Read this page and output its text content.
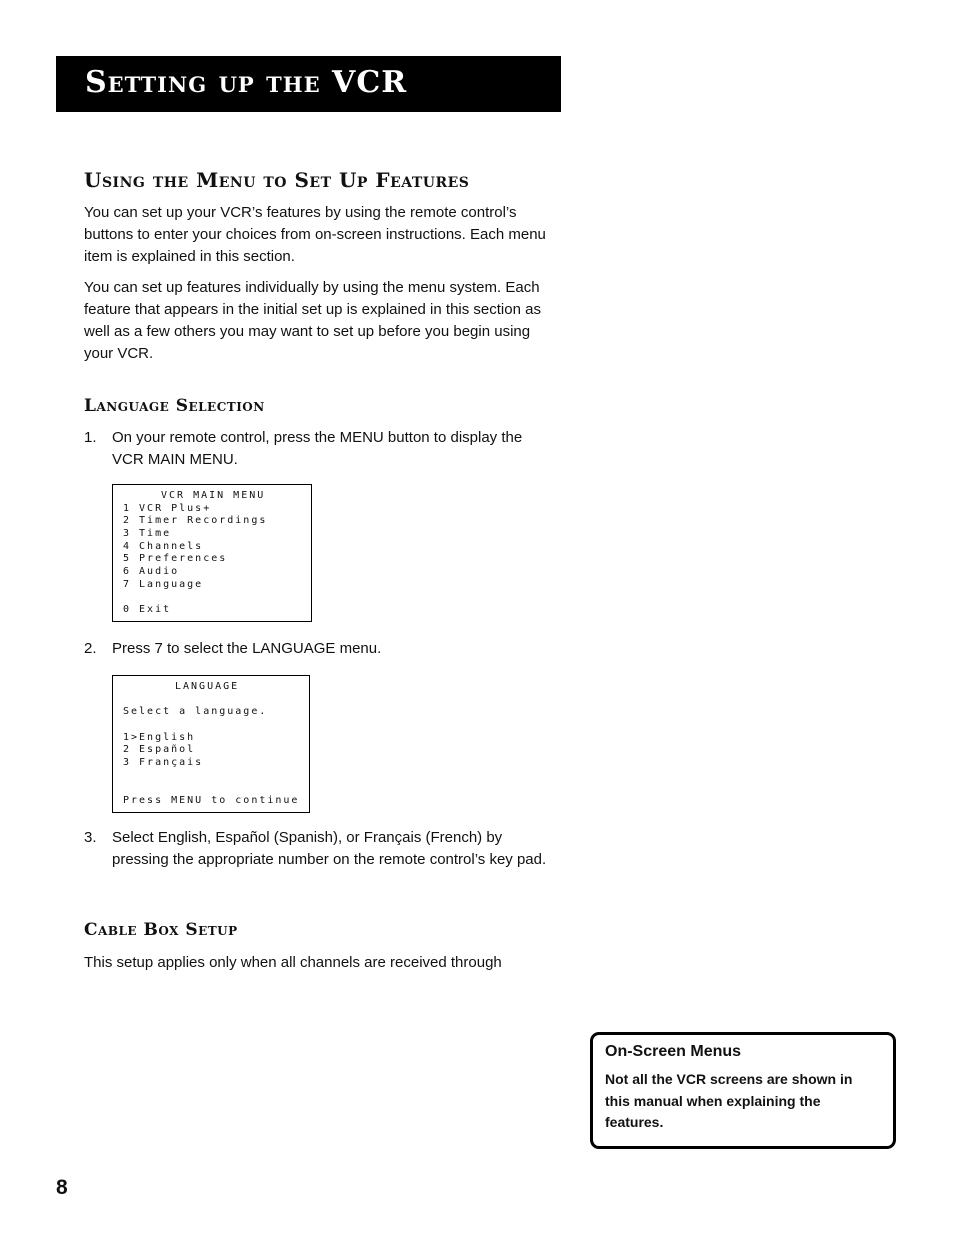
Setting up the VCR
Using the Menu to Set Up Features

You can set up your VCR’s features by using the remote control’s buttons to enter your choices from on-screen instructions. Each menu item is explained in this section.

You can set up features individually by using the menu system. Each feature that appears in the initial set up is explained in this section as well as a few others you may want to set up before you begin using your VCR.

Language Selection
1. On your remote control, press the MENU button to display the VCR MAIN MENU.
VCR MAIN MENU
1 VCR Plus+
2 Timer Recordings
3 Time
4 Channels
5 Preferences
6 Audio
7 Language
0 Exit
2. Press 7 to select the LANGUAGE menu.
LANGUAGE
Select a language.
1>English
2 Español
3 Français
Press MENU to continue
3. Select English, Español (Spanish), or Français (French) by pressing the appropriate number on the remote control’s key pad.
Cable Box Setup

This setup applies only when all channels are received through

On-Screen Menus
Not all the VCR screens are shown in this manual when explaining the features.
8
